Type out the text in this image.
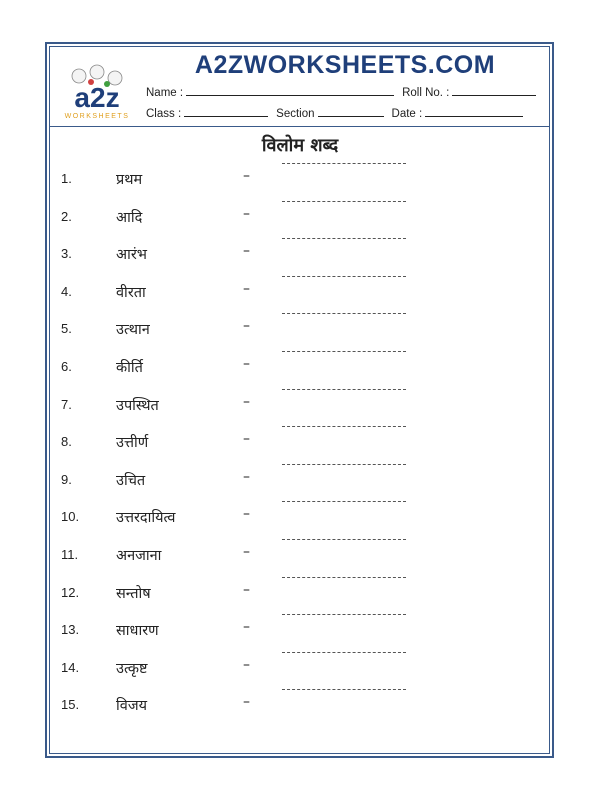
a2z
WORKSHEETS
A2ZWORKSHEETS.COM
Name :	Roll No. :
Class :	Section	Date :
विलोम शब्द
1.	प्रथम	–
2.	आदि	–
3.	आरंभ	–
4.	वीरता	–
5.	उत्थान	–
6.	कीर्ति	–
7.	उपस्थित	–
8.	उत्तीर्ण	–
9.	उचित	–
10.	उत्तरदायित्व	–
11.	अनजाना	–
12.	सन्तोष	–
13.	साधारण	–
14.	उत्कृष्ट	–
15.	विजय	–
